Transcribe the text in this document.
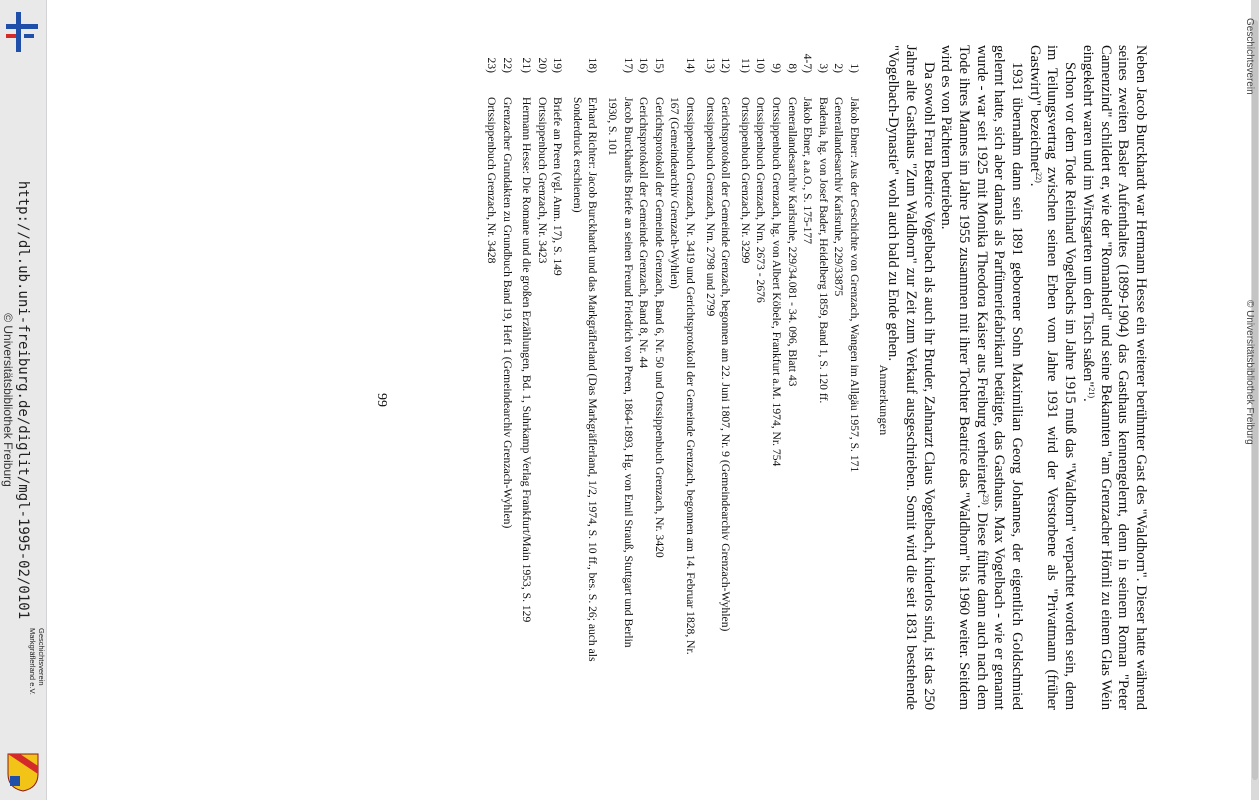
Neben Jacob Burckhardt war Hermann Hesse ein weiterer berühmter Gast des "Waldhorn". Dieser hatte während seines zweiten Basler Aufenthaltes (1899-1904) das Gasthaus kennengelernt, denn in seinem Roman "Peter Camenzind" schildert er, wie der "Romanheld" und seine Bekannten "am Grenzacher Hörnli zu einem Glas Wein eingekehrt waren und im Wirtsgarten um den Tisch saßen"$^{21)}$.

Schon vor dem Tode Reinhard Vogelbachs im Jahre 1915 muß das "Waldhorn" verpachtet worden sein, denn im Teilungsvertrag zwischen seinen Erben vom Jahre 1931 wird der Verstorbene als "Privatmann (früher Gastwirt)" bezeichnet$^{22)}$.

1931 übernahm dann sein 1891 geborener Sohn Maximilian Georg Johannes, der eigentlich Goldschmied gelernt hatte, sich aber damals als Parfümeriefabrikant betätigte, das Gasthaus. Max Vogelbach - wie er genannt wurde - war seit 1925 mit Monika Theodora Kaiser aus Freiburg verheiratet$^{23)}$. Diese führte dann auch nach dem Tode ihres Mannes im Jahre 1955 zusammen mit ihrer Tochter Beatrice das "Waldhorn" bis 1960 weiter. Seitdem wird es von Pächtern betrieben.

Da sowohl Frau Beatrice Vogelbach als auch ihr Bruder, Zahnarzt Claus Vogelbach, kinderlos sind, ist das 250 Jahre alte Gasthaus "Zum Waldhorn" zur Zeit zum Verkauf ausgeschrieben. Somit wird die seit 1831 bestehende "Vogelbach-Dynastie" wohl auch bald zu Ende gehen.

Anmerkungen
1)
Jakob Ebner: Aus der Geschichte von Grenzach, Wangen im Allgäu 1957, S. 171
2)
Generallandesarchiv Karlsruhe, 229/33875
3)
Badenia, hg. von Josef Bader, Heidelberg 1859, Band 1, S. 120 ff.
4-7)
Jakob Ebner, a.a.O., S. 175-177
8)
Generallandesarchiv Karlsruhe, 229/34.081 - 34. 096, Blatt 43
9)
Ortssippenbuch Grenzach, hg. von Albert Köbele, Frankfurt a.M. 1974, Nr. 754
10)
Ortssippenbuch Grenzach, Nrn. 2673 - 2676
11)
Ortssippenbuch Grenzach, Nr. 3299
12)
Gerichtsprotokoll der Gemeinde Grenzach, begonnen am 22. Juni 1807, Nr. 9 (Gemeindearchiv Grenzach-Wyhlen)
13)
Ortssippenbuch Grenzach, Nrn. 2798 und 2799
14)
Ortssippenbuch Grenzach, Nr. 3419 und Gerichtsprotokoll der Gemeinde Grenzach, begonnen am 14. Februar 1828, Nr. 167 (Gemeindearchiv Grenzach-Wyhlen)
15)
Gerichtsprotokoll der Gemeinde Grenzach, Band 6, Nr. 50 und Ortssippenbuch Grenzach, Nr. 3420
16)
Gerichtsprotokoll der Gemeinde Grenzach, Band 8, Nr. 44
17)
Jacob Burckhardts Briefe an seinen Freund Friedrich von Preen, 1864-1893, Hg. von Emil Strauß, Stuttgart und Berlin 1930, S. 101
18)
Erhard Richter: Jacob Burckhardt und das Markgräflerland (Das Markgräflerland, 1/2, 1974, S. 10 ff., bes. S. 26; auch als Sonderdruck erschienen)
19)
Briefe an Preen (vgl. Anm. 17), S. 149
20)
Ortssippenbuch Grenzach, Nr. 3423
21)
Hermann Hesse: Die Romane und die großen Erzählungen, Bd. 1, Suhrkamp Verlag Frankfurt/Main 1953, S. 129
22)
Grenzacher Grundakten zu Grundbuch Band 19, Heft 1 (Gemeindearchiv Grenzach-Wyhlen)
23)
Ortssippenbuch Grenzach, Nr. 3428
99
http://dl.ub.uni-freiburg.de/diglit/mgl-1995-02/0101
© Universitätsbibliothek Freiburg
Geschichtsverein
Markgräflerland e.V.
Geschichtsverein
© Universitätsbibliothek Freiburg
